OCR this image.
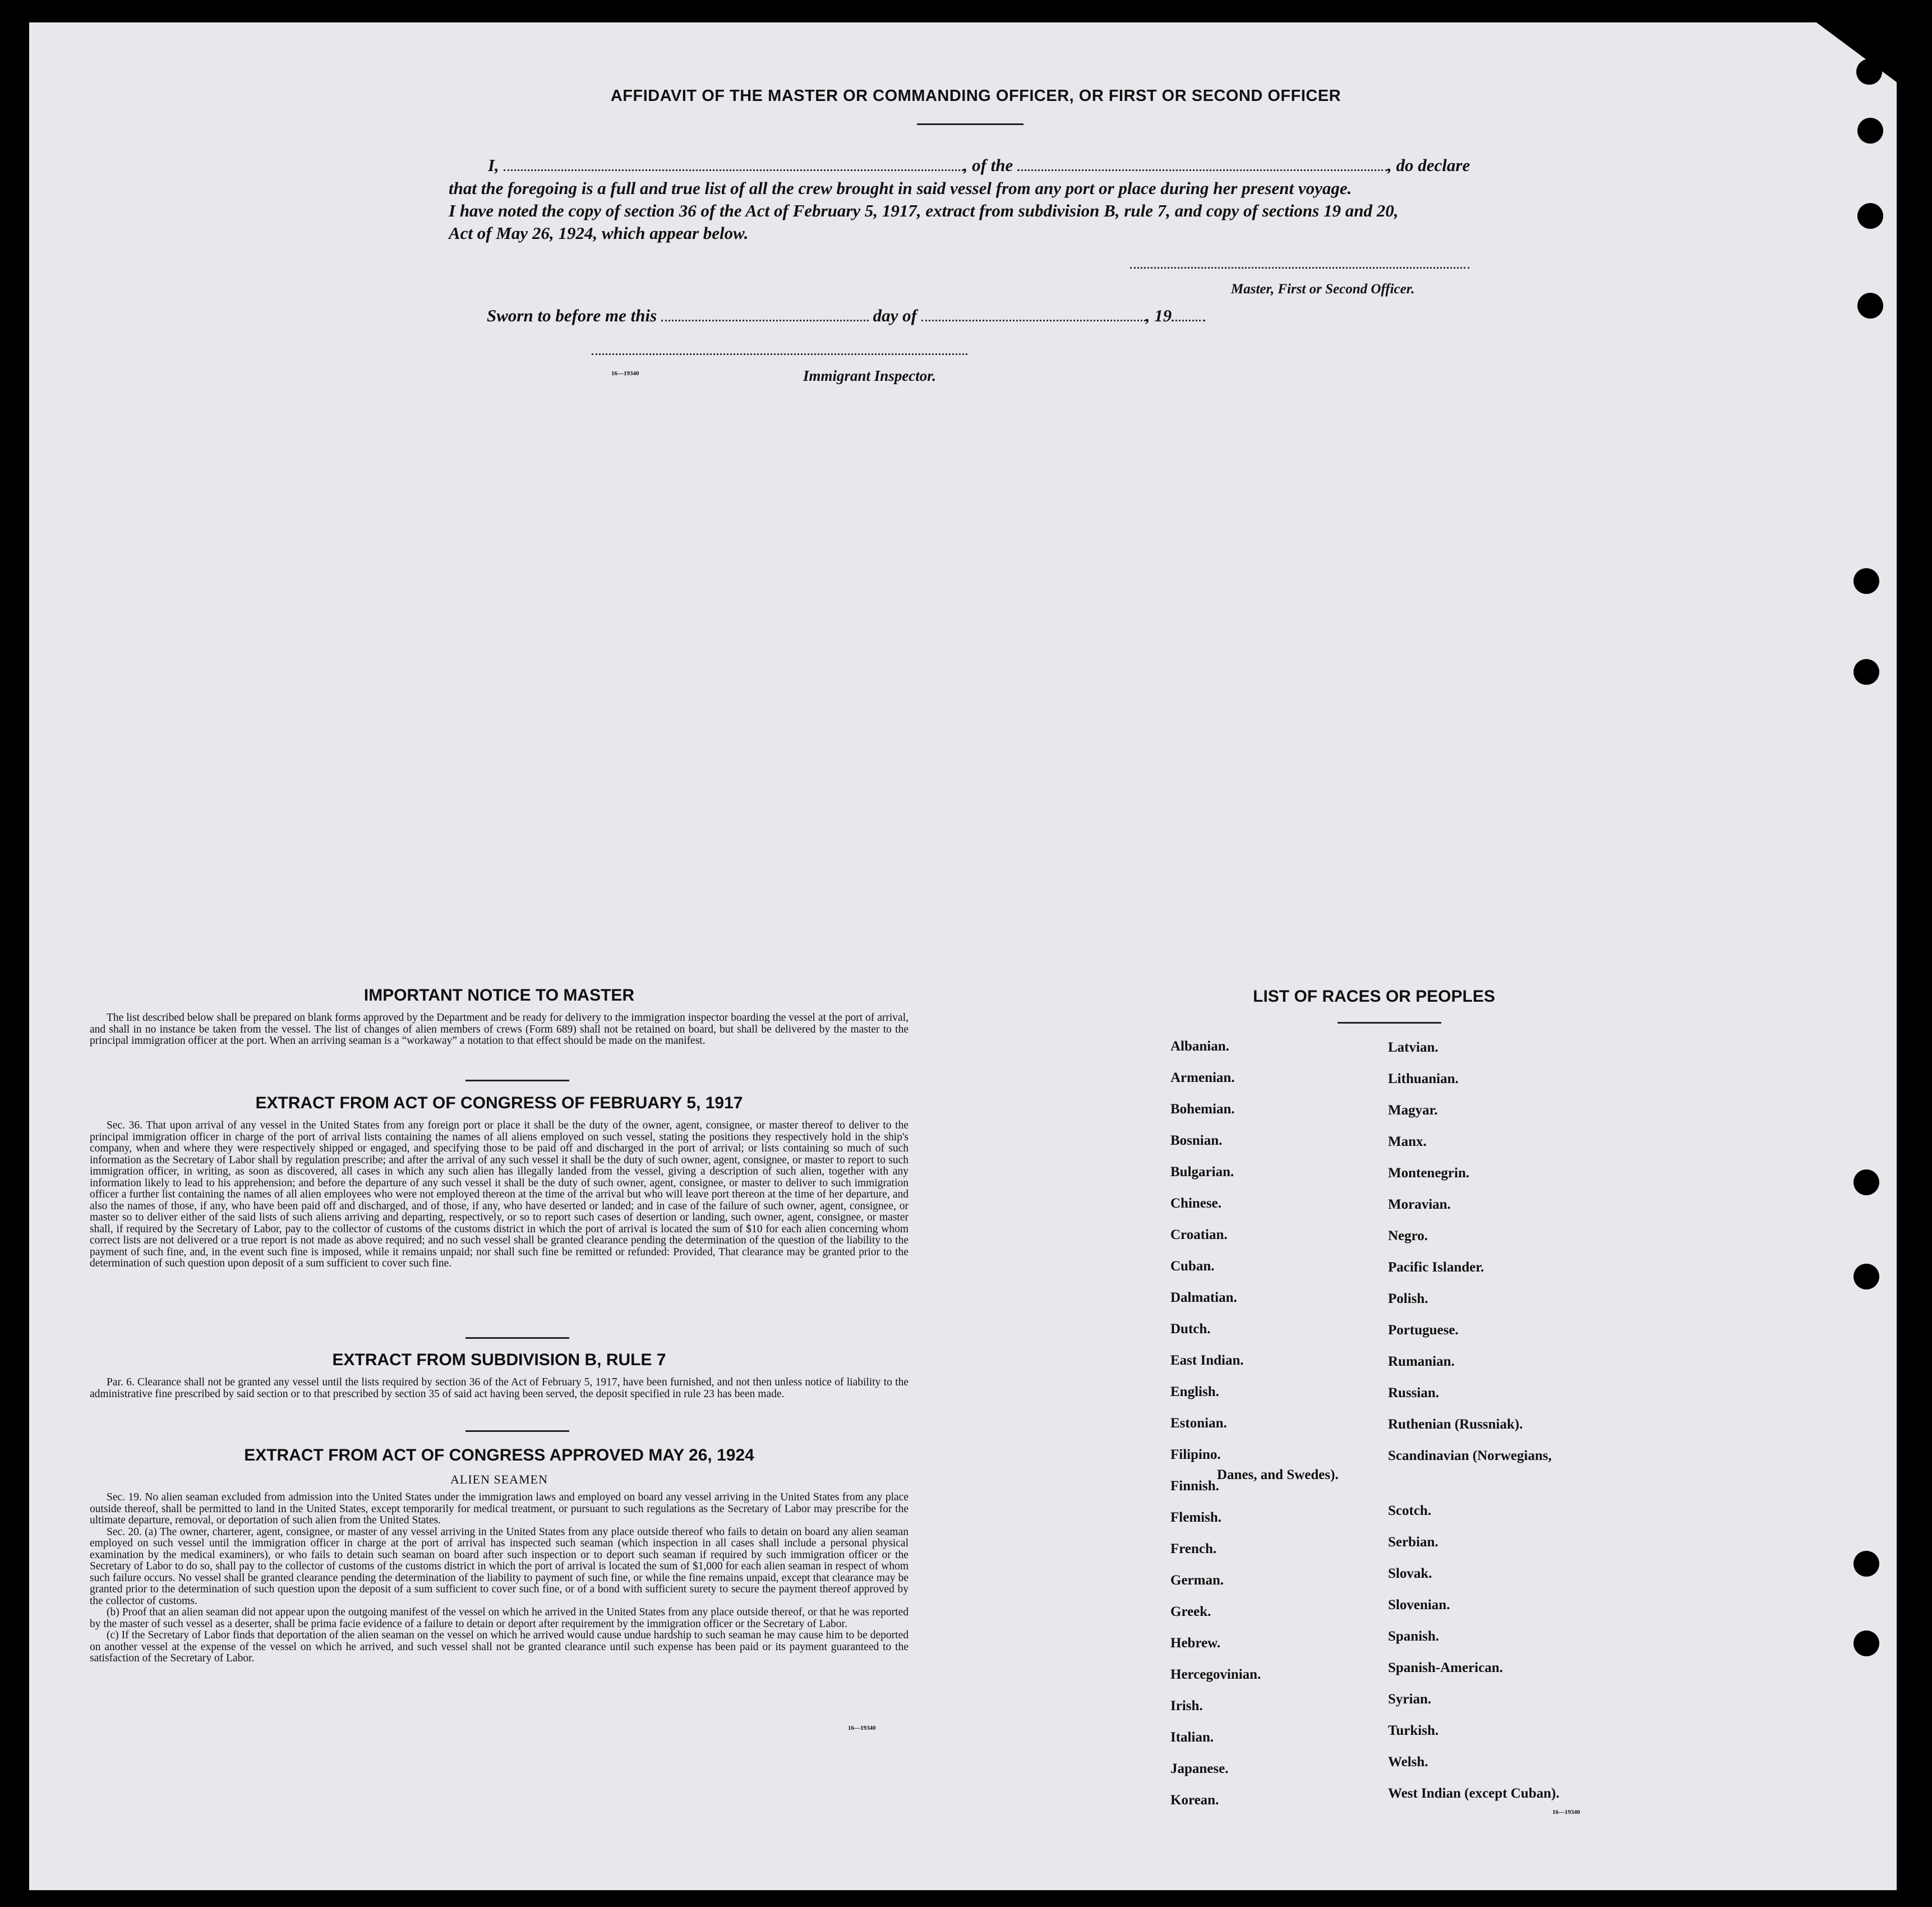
AFFIDAVIT OF THE MASTER OR COMMANDING OFFICER, OR FIRST OR SECOND OFFICER
I,	, of the	, do declare
that the foregoing is a full and true list of all the crew brought in said vessel from any port or place during her present voyage.
I have noted the copy of section 36 of the Act of February 5, 1917, extract from subdivision B, rule 7, and copy of sections 19 and 20,
Act of May 26, 1924, which appear below.
Master, First or Second Officer.
Sworn to before me this	day of	, 19
16—19340	Immigrant Inspector.
IMPORTANT NOTICE TO MASTER
The list described below shall be prepared on blank forms approved by the Department and be ready for delivery to the immigration inspector boarding the vessel at the port of arrival, and shall in no instance be taken from the vessel. The list of changes of alien members of crews (Form 689) shall not be retained on board, but shall be delivered by the master to the principal immigration officer at the port. When an arriving seaman is a “workaway” a notation to that effect should be made on the manifest.
EXTRACT FROM ACT OF CONGRESS OF FEBRUARY 5, 1917
Sec. 36. That upon arrival of any vessel in the United States from any foreign port or place it shall be the duty of the owner, agent, consignee, or master thereof to deliver to the principal immigration officer in charge of the port of arrival lists containing the names of all aliens employed on such vessel, stating the positions they respectively hold in the ship's company, when and where they were respectively shipped or engaged, and specifying those to be paid off and discharged in the port of arrival; or lists containing so much of such information as the Secretary of Labor shall by regulation prescribe; and after the arrival of any such vessel it shall be the duty of such owner, agent, consignee, or master to report to such immigration officer, in writing, as soon as discovered, all cases in which any such alien has illegally landed from the vessel, giving a description of such alien, together with any information likely to lead to his apprehension; and before the departure of any such vessel it shall be the duty of such owner, agent, consignee, or master to deliver to such immigration officer a further list containing the names of all alien employees who were not employed thereon at the time of the arrival but who will leave port thereon at the time of her departure, and also the names of those, if any, who have been paid off and discharged, and of those, if any, who have deserted or landed; and in case of the failure of such owner, agent, consignee, or master so to deliver either of the said lists of such aliens arriving and departing, respectively, or so to report such cases of desertion or landing, such owner, agent, consignee, or master shall, if required by the Secretary of Labor, pay to the collector of customs of the customs district in which the port of arrival is located the sum of $10 for each alien concerning whom correct lists are not delivered or a true report is not made as above required; and no such vessel shall be granted clearance pending the determination of the question of the liability to the payment of such fine, and, in the event such fine is imposed, while it remains unpaid; nor shall such fine be remitted or refunded: Provided, That clearance may be granted prior to the determination of such question upon deposit of a sum sufficient to cover such fine.
EXTRACT FROM SUBDIVISION B, RULE 7
Par. 6. Clearance shall not be granted any vessel until the lists required by section 36 of the Act of February 5, 1917, have been furnished, and not then unless notice of liability to the administrative fine prescribed by said section or to that prescribed by section 35 of said act having been served, the deposit specified in rule 23 has been made.
EXTRACT FROM ACT OF CONGRESS APPROVED MAY 26, 1924
ALIEN SEAMEN

Sec. 19. No alien seaman excluded from admission into the United States under the immigration laws and employed on board any vessel arriving in the United States from any place outside thereof, shall be permitted to land in the United States, except temporarily for medical treatment, or pursuant to such regulations as the Secretary of Labor may prescribe for the ultimate departure, removal, or deportation of such alien from the United States.

Sec. 20. (a) The owner, charterer, agent, consignee, or master of any vessel arriving in the United States from any place outside thereof who fails to detain on board any alien seaman employed on such vessel until the immigration officer in charge at the port of arrival has inspected such seaman (which inspection in all cases shall include a personal physical examination by the medical examiners), or who fails to detain such seaman on board after such inspection or to deport such seaman if required by such immigration officer or the Secretary of Labor to do so, shall pay to the collector of customs of the customs district in which the port of arrival is located the sum of $1,000 for each alien seaman in respect of whom such failure occurs. No vessel shall be granted clearance pending the determination of the liability to payment of such fine, or while the fine remains unpaid, except that clearance may be granted prior to the determination of such question upon the deposit of a sum sufficient to cover such fine, or of a bond with sufficient surety to secure the payment thereof approved by the collector of customs.

(b) Proof that an alien seaman did not appear upon the outgoing manifest of the vessel on which he arrived in the United States from any place outside thereof, or that he was reported by the master of such vessel as a deserter, shall be prima facie evidence of a failure to detain or deport after requirement by the immigration officer or the Secretary of Labor.

(c) If the Secretary of Labor finds that deportation of the alien seaman on the vessel on which he arrived would cause undue hardship to such seaman he may cause him to be deported on another vessel at the expense of the vessel on which he arrived, and such vessel shall not be granted clearance until such expense has been paid or its payment guaranteed to the satisfaction of the Secretary of Labor.

16—19340
LIST OF RACES OR PEOPLES
Albanian.
Armenian.
Bohemian.
Bosnian.
Bulgarian.
Chinese.
Croatian.
Cuban.
Dalmatian.
Dutch.
East Indian.
English.
Estonian.
Filipino.
Finnish.
Flemish.
French.
German.
Greek.
Hebrew.
Hercegovinian.
Irish.
Italian.
Japanese.
Korean.
Latvian.
Lithuanian.
Magyar.
Manx.
Montenegrin.
Moravian.
Negro.
Pacific Islander.
Polish.
Portuguese.
Rumanian.
Russian.
Ruthenian (Russniak).
Scandinavian (Norwegians,
Danes, and Swedes).
Scotch.
Serbian.
Slovak.
Slovenian.
Spanish.
Spanish-American.
Syrian.
Turkish.
Welsh.
West Indian (except Cuban).
16—19340
